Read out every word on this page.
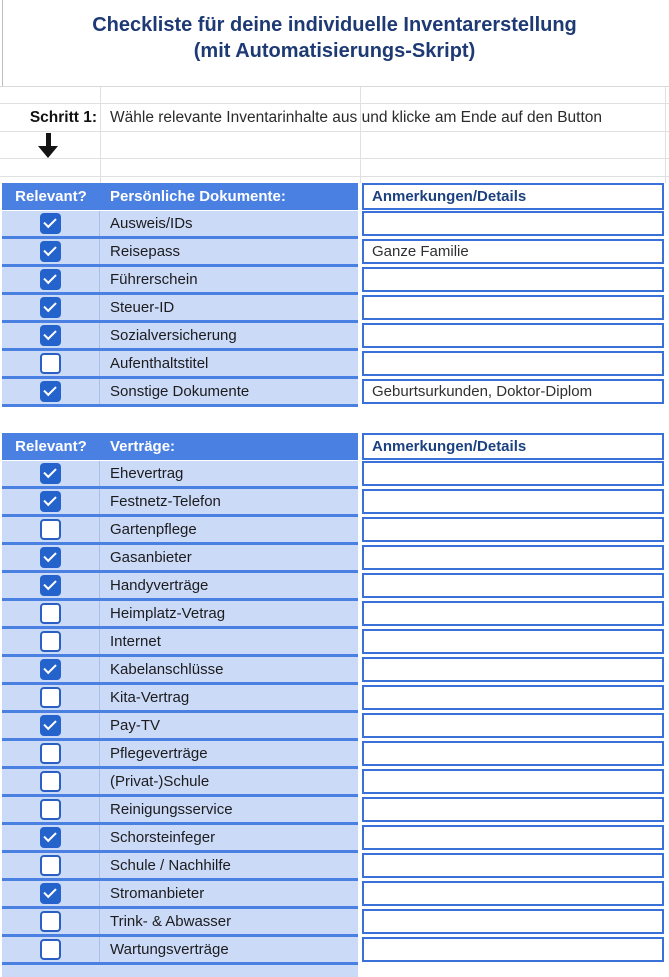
Checkliste für deine individuelle Inventarerstellung
(mit Automatisierungs-Skript)
Schritt 1: Wähle relevante Inventarinhalte aus und klicke am Ende auf den Button
Relevant?	Persönliche Dokumente:	Anmerkungen/Details
Ausweis/IDs
Reisepass	Ganze Familie
Führerschein
Steuer-ID
Sozialversicherung
Aufenthaltstitel
Sonstige Dokumente	Geburtsurkunden, Doktor-Diplom
Relevant?	Verträge:	Anmerkungen/Details
Ehevertrag
Festnetz-Telefon
Gartenpflege
Gasanbieter
Handyverträge
Heimplatz-Vetrag
Internet
Kabelanschlüsse
Kita-Vertrag
Pay-TV
Pflegeverträge
(Privat-)Schule
Reinigungsservice
Schorsteinfeger
Schule / Nachhilfe
Stromanbieter
Trink- & Abwasser
Wartungsverträge
